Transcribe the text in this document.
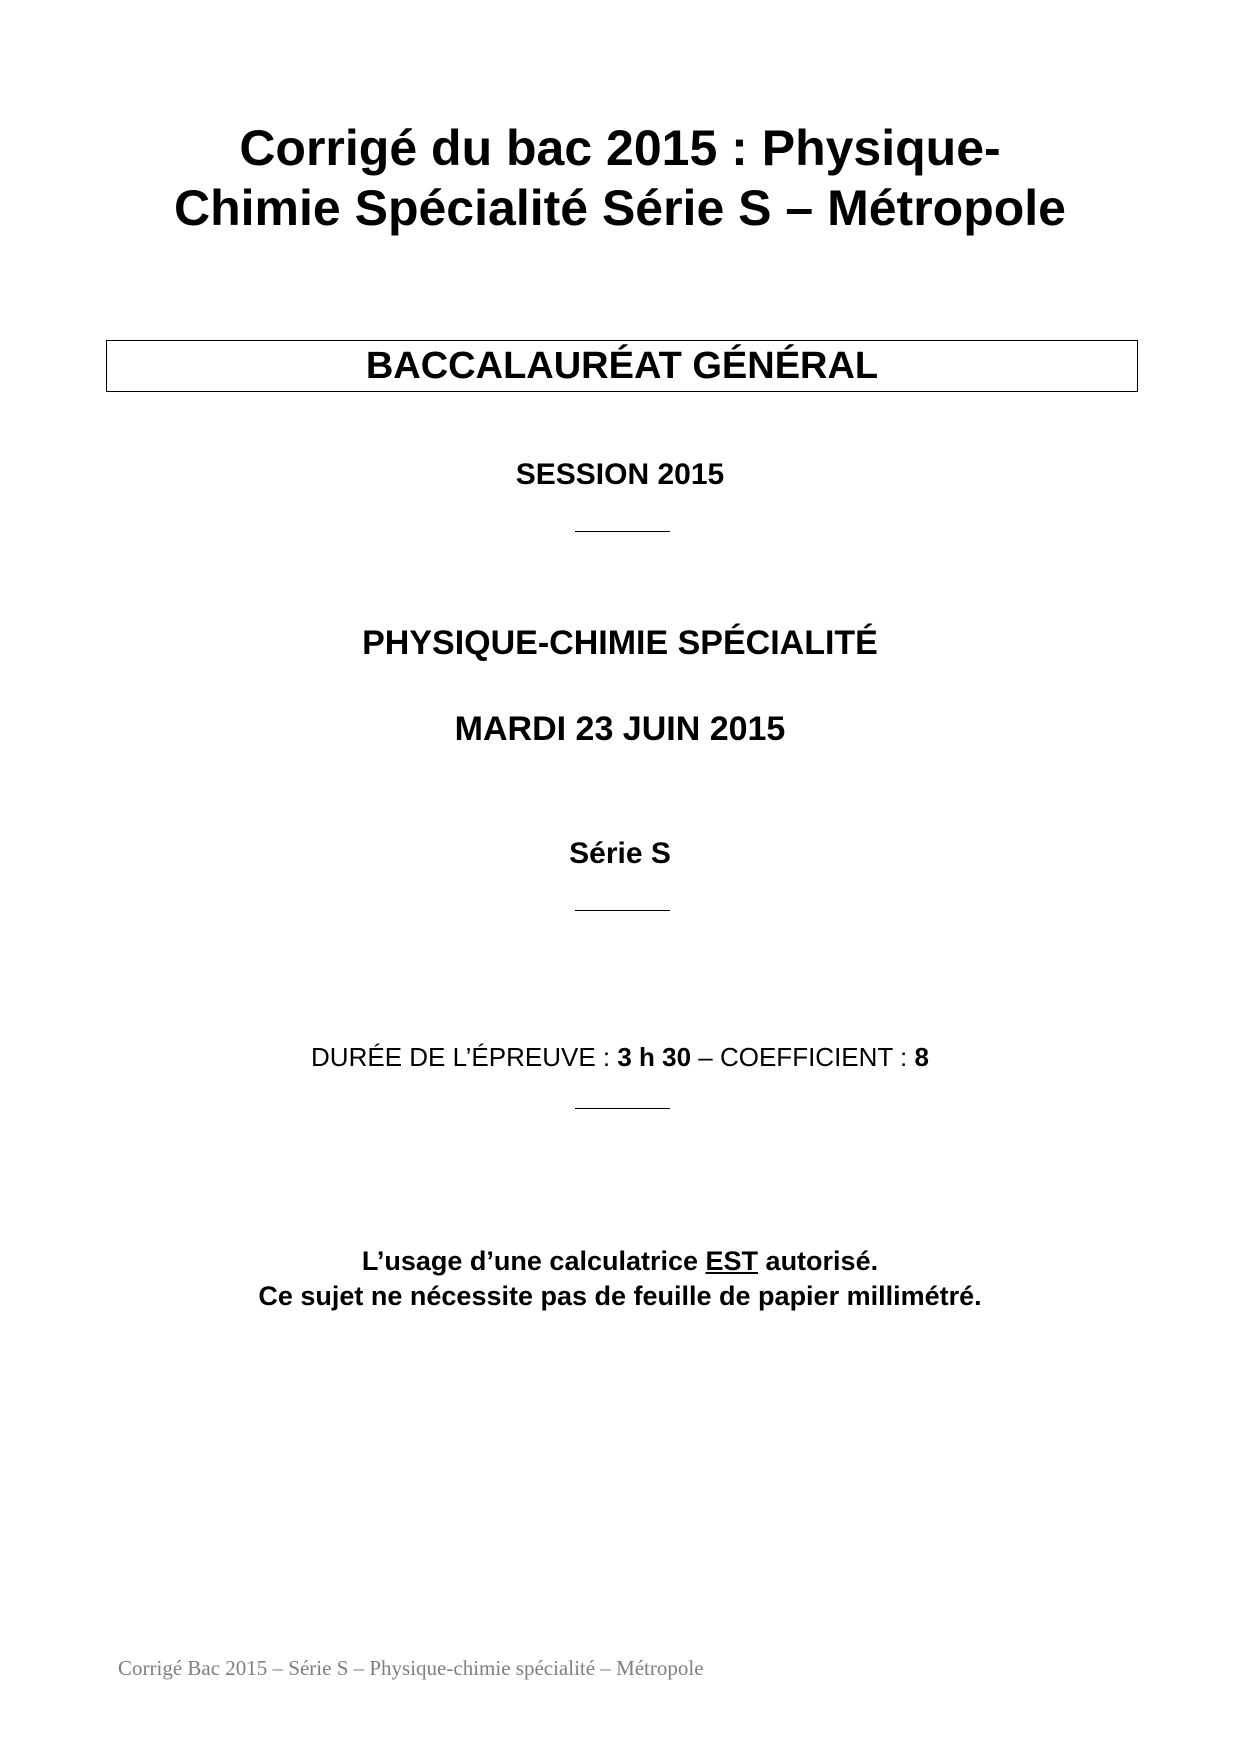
Corrigé du bac 2015 : Physique-
Chimie Spécialité Série S – Métropole
BACCALAURÉAT GÉNÉRAL
SESSION 2015
PHYSIQUE-CHIMIE SPÉCIALITÉ
MARDI 23 JUIN 2015
Série S
DURÉE DE L’ÉPREUVE : 3 h 30 – COEFFICIENT : 8
L’usage d’une calculatrice EST autorisé.
Ce sujet ne nécessite pas de feuille de papier millimétré.
Corrigé Bac 2015 – Série S – Physique-chimie spécialité – Métropole
